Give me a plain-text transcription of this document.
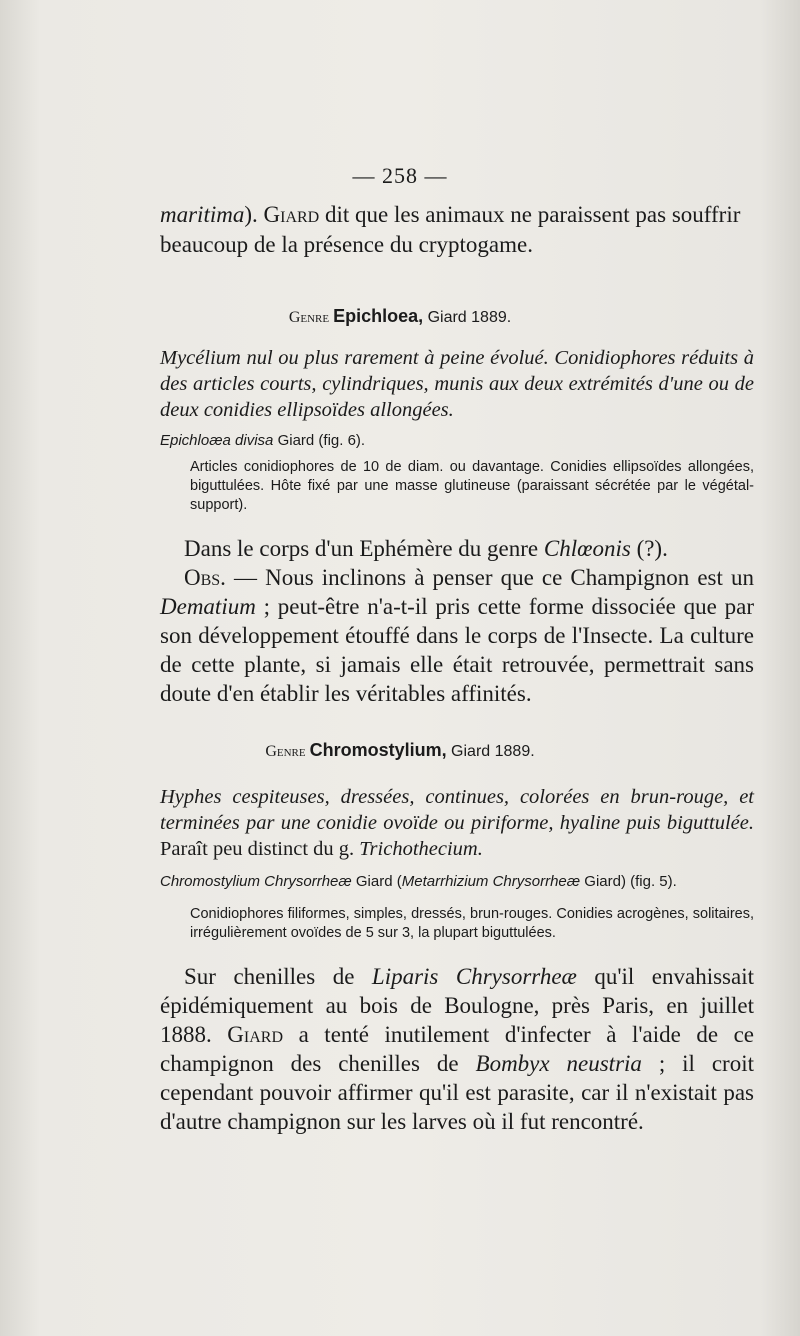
— 258 —
maritima). Giard dit que les animaux ne paraissent pas souffrir beaucoup de la présence du cryptogame.
Genre Epichloea, Giard 1889.
Mycélium nul ou plus rarement à peine évolué. Conidiophores réduits à des articles courts, cylindriques, munis aux deux extrémités d'une ou de deux conidies ellipsoïdes allongées.
Epichloæa divisa Giard (fig. 6).
Articles conidiophores de 10 de diam. ou davantage. Conidies ellipsoïdes allongées, biguttulées. Hôte fixé par une masse glutineuse (paraissant sécrétée par le végétal-support).
Dans le corps d'un Ephémère du genre Chlœonis (?).
Obs. — Nous inclinons à penser que ce Champignon est un Dematium ; peut-être n'a-t-il pris cette forme dissociée que par son développement étouffé dans le corps de l'Insecte. La culture de cette plante, si jamais elle était retrouvée, permettrait sans doute d'en établir les véritables affinités.
Genre Chromostylium, Giard 1889.
Hyphes cespiteuses, dressées, continues, colorées en brun-rouge, et terminées par une conidie ovoïde ou piriforme, hyaline puis biguttulée. Paraît peu distinct du g. Trichothecium.
Chromostylium Chrysorrheæ Giard (Metarrhizium Chrysorrheæ Giard) (fig. 5).
Conidiophores filiformes, simples, dressés, brun-rouges. Conidies acrogènes, solitaires, irrégulièrement ovoïdes de 5 sur 3, la plupart biguttulées.
Sur chenilles de Liparis Chrysorrheæ qu'il envahissait épidémiquement au bois de Boulogne, près Paris, en juillet 1888. Giard a tenté inutilement d'infecter à l'aide de ce champignon des chenilles de Bombyx neustria ; il croit cependant pouvoir affirmer qu'il est parasite, car il n'existait pas d'autre champignon sur les larves où il fut rencontré.
